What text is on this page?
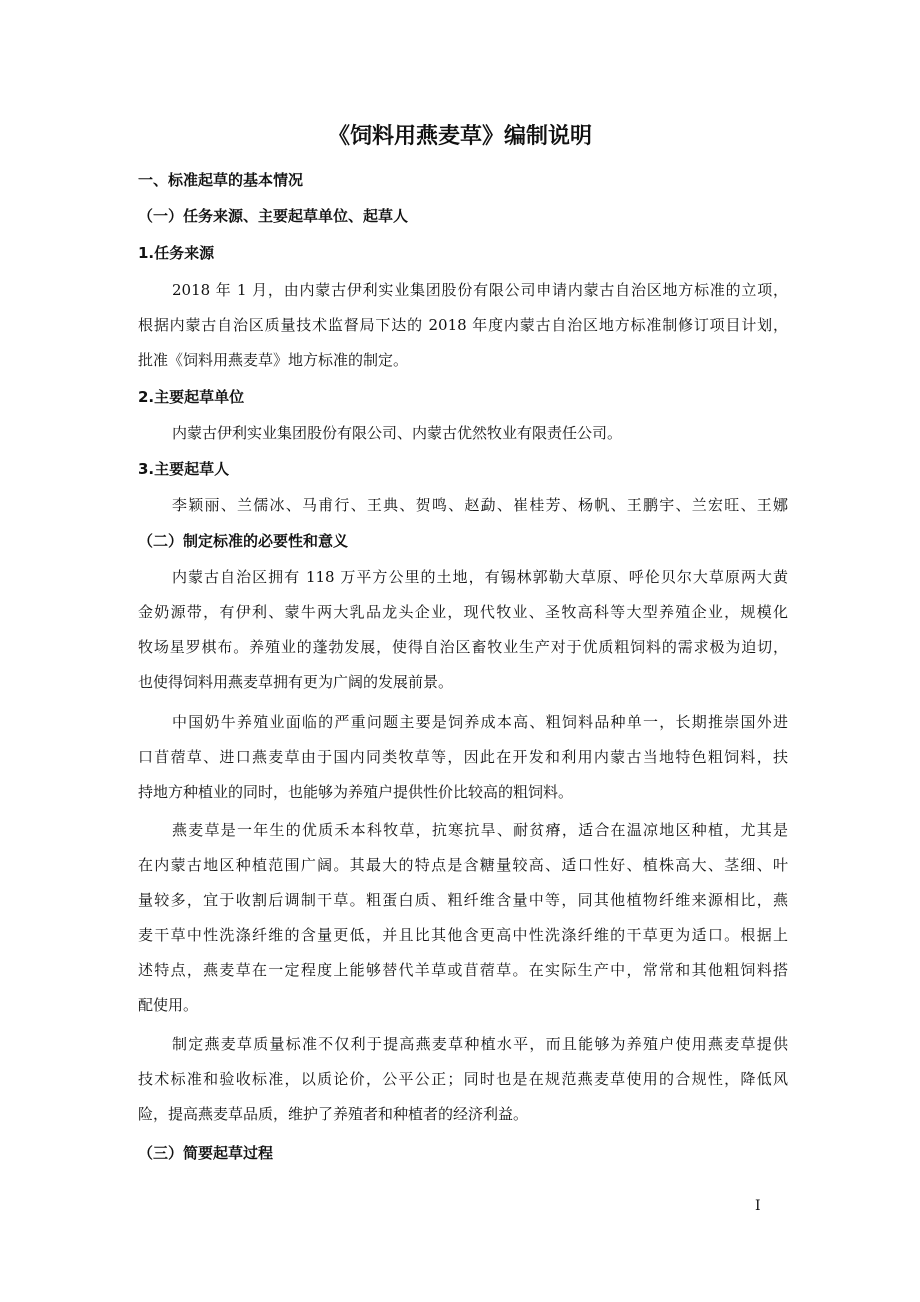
《饲料用燕麦草》编制说明
一、标准起草的基本情况
（一）任务来源、主要起草单位、起草人
1.任务来源
2018 年 1 月，由内蒙古伊利实业集团股份有限公司申请内蒙古自治区地方标准的立项，
根据内蒙古自治区质量技术监督局下达的 2018 年度内蒙古自治区地方标准制修订项目计划，
批准《饲料用燕麦草》地方标准的制定。
2.主要起草单位
内蒙古伊利实业集团股份有限公司、内蒙古优然牧业有限责任公司。
3.主要起草人
李颖丽、兰儒冰、马甫行、王典、贺鸣、赵勐、崔桂芳、杨帆、王鹏宇、兰宏旺、王娜
（二）制定标准的必要性和意义
内蒙古自治区拥有 118 万平方公里的土地，有锡林郭勒大草原、呼伦贝尔大草原两大黄
金奶源带，有伊利、蒙牛两大乳品龙头企业，现代牧业、圣牧高科等大型养殖企业，规模化
牧场星罗棋布。养殖业的蓬勃发展，使得自治区畜牧业生产对于优质粗饲料的需求极为迫切，
也使得饲料用燕麦草拥有更为广阔的发展前景。
中国奶牛养殖业面临的严重问题主要是饲养成本高、粗饲料品种单一，长期推崇国外进
口苜蓿草、进口燕麦草由于国内同类牧草等，因此在开发和利用内蒙古当地特色粗饲料，扶
持地方种植业的同时，也能够为养殖户提供性价比较高的粗饲料。
燕麦草是一年生的优质禾本科牧草，抗寒抗旱、耐贫瘠，适合在温凉地区种植，尤其是
在内蒙古地区种植范围广阔。其最大的特点是含糖量较高、适口性好、植株高大、茎细、叶
量较多，宜于收割后调制干草。粗蛋白质、粗纤维含量中等，同其他植物纤维来源相比，燕
麦干草中性洗涤纤维的含量更低，并且比其他含更高中性洗涤纤维的干草更为适口。根据上
述特点，燕麦草在一定程度上能够替代羊草或苜蓿草。在实际生产中，常常和其他粗饲料搭
配使用。
制定燕麦草质量标准不仅利于提高燕麦草种植水平，而且能够为养殖户使用燕麦草提供
技术标准和验收标准，以质论价，公平公正；同时也是在规范燕麦草使用的合规性，降低风
险，提高燕麦草品质，维护了养殖者和种植者的经济利益。
（三）简要起草过程
I
